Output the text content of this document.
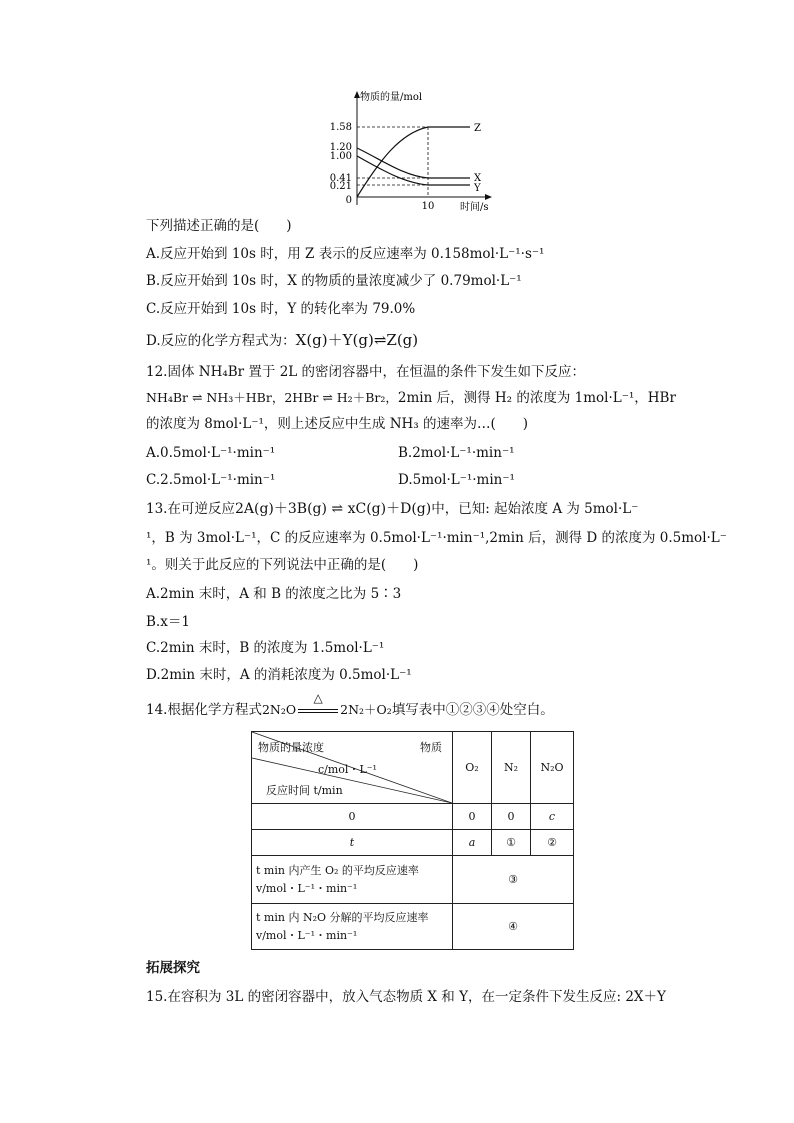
1.58
1.20
1.00
0.41
0.21
0
10
物质的量/mol
时间/s
Z
X
Y
下列描述正确的是(　　)
A.反应开始到 10s 时，用 Z 表示的反应速率为 0.158mol·L⁻¹·s⁻¹
B.反应开始到 10s 时，X 的物质的量浓度减少了 0.79mol·L⁻¹
C.反应开始到 10s 时，Y 的转化率为 79.0%
D.反应的化学方程式为：X(g)＋Y(g)⇌Z(g)
12.固体 NH₄Br 置于 2L 的密闭容器中，在恒温的条件下发生如下反应：
NH₄Br ⇌ NH₃＋HBr，2HBr ⇌ H₂＋Br₂，2min 后，测得 H₂ 的浓度为 1mol·L⁻¹，HBr
的浓度为 8mol·L⁻¹，则上述反应中生成 NH₃ 的速率为…(　　)
A.0.5mol·L⁻¹·min⁻¹	B.2mol·L⁻¹·min⁻¹
C.2.5mol·L⁻¹·min⁻¹	D.5mol·L⁻¹·min⁻¹
13.在可逆反应2A(g)＋3B(g) ⇌ xC(g)＋D(g)中，已知: 起始浓度 A 为 5mol·L⁻
¹，B 为 3mol·L⁻¹，C 的反应速率为 0.5mol·L⁻¹·min⁻¹,2min 后，测得 D 的浓度为 0.5mol·L⁻
¹。则关于此反应的下列说法中正确的是(　　)
A.2min 末时，A 和 B 的浓度之比为 5∶3
B.x＝1
C.2min 末时，B 的浓度为 1.5mol·L⁻¹
D.2min 末时，A 的消耗浓度为 0.5mol·L⁻¹
14.根据化学方程式2N₂O
△
2N₂＋O₂填写表中①②③④处空白。
物质的量浓度 物质
c/mol・L⁻¹
反应时间 t/min	O₂	N₂	N₂O
0	0	0	c
t	a	①	②
t min 内产生 O₂ 的平均反应速率 v/mol・L⁻¹・min⁻¹	③		
t min 内 N₂O 分解的平均反应速率 v/mol・L⁻¹・min⁻¹	④		
拓展探究
15.在容积为 3L 的密闭容器中，放入气态物质 X 和 Y，在一定条件下发生反应: 2X＋Y
